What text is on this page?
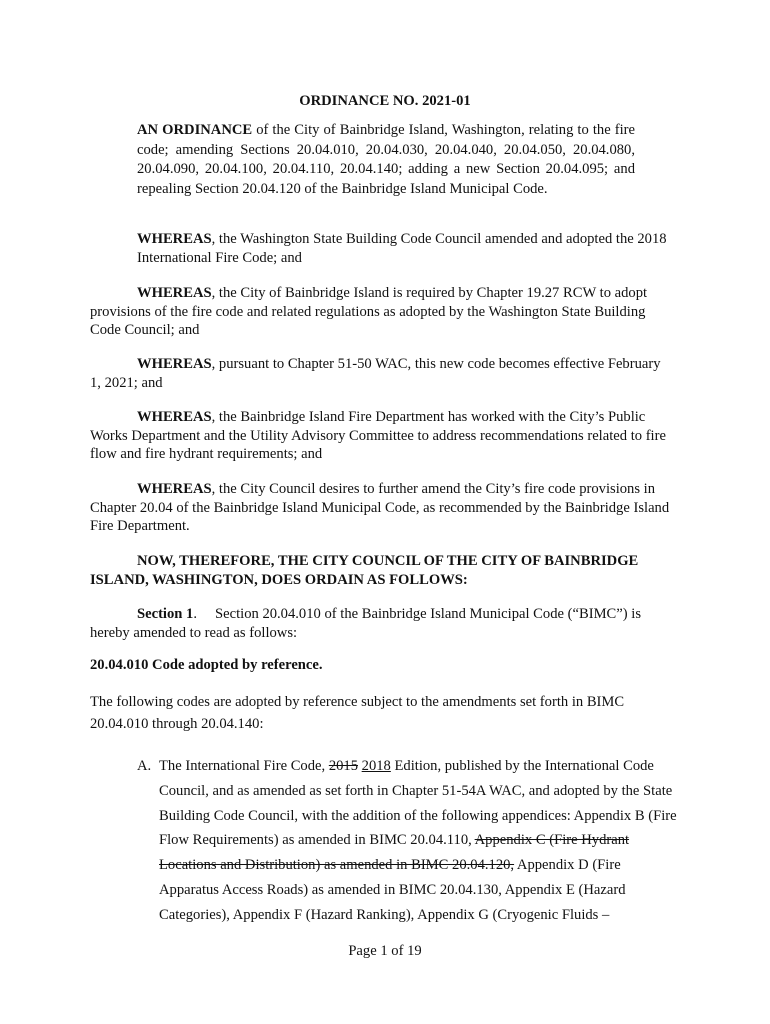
ORDINANCE NO. 2021-01
AN ORDINANCE of the City of Bainbridge Island, Washington, relating to the fire code; amending Sections 20.04.010, 20.04.030, 20.04.040, 20.04.050, 20.04.080, 20.04.090, 20.04.100, 20.04.110, 20.04.140; adding a new Section 20.04.095; and repealing Section 20.04.120 of the Bainbridge Island Municipal Code.
WHEREAS, the Washington State Building Code Council amended and adopted the 2018 International Fire Code; and
WHEREAS, the City of Bainbridge Island is required by Chapter 19.27 RCW to adopt provisions of the fire code and related regulations as adopted by the Washington State Building Code Council; and
WHEREAS, pursuant to Chapter 51-50 WAC, this new code becomes effective February 1, 2021; and
WHEREAS, the Bainbridge Island Fire Department has worked with the City’s Public Works Department and the Utility Advisory Committee to address recommendations related to fire flow and fire hydrant requirements; and
WHEREAS, the City Council desires to further amend the City’s fire code provisions in Chapter 20.04 of the Bainbridge Island Municipal Code, as recommended by the Bainbridge Island Fire Department.
NOW, THEREFORE, THE CITY COUNCIL OF THE CITY OF BAINBRIDGE ISLAND, WASHINGTON, DOES ORDAIN AS FOLLOWS:
Section 1. Section 20.04.010 of the Bainbridge Island Municipal Code (“BIMC”) is hereby amended to read as follows:
20.04.010 Code adopted by reference.
The following codes are adopted by reference subject to the amendments set forth in BIMC 20.04.010 through 20.04.140:
A. The International Fire Code, 2015 2018 Edition, published by the International Code Council, and as amended as set forth in Chapter 51-54A WAC, and adopted by the State Building Code Council, with the addition of the following appendices: Appendix B (Fire Flow Requirements) as amended in BIMC 20.04.110, Appendix C (Fire Hydrant Locations and Distribution) as amended in BIMC 20.04.120, Appendix D (Fire Apparatus Access Roads) as amended in BIMC 20.04.130, Appendix E (Hazard Categories), Appendix F (Hazard Ranking), Appendix G (Cryogenic Fluids –
Page 1 of 19
